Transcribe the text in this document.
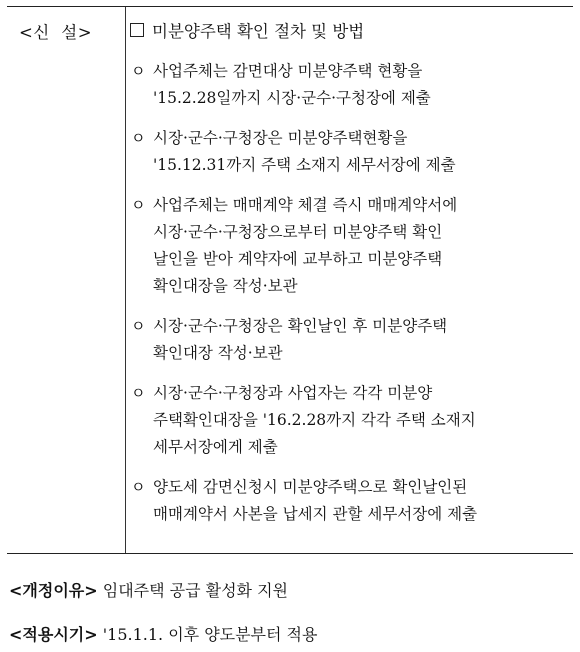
<신  설>	미분양주택 확인 절차 및 방법
ㅇ 사업주체는 감면대상 미분양주택 현황을
'15.2.28일까지 시장·군수·구청장에 제출
ㅇ 시장·군수·구청장은 미분양주택현황을
'15.12.31까지 주택 소재지 세무서장에 제출
ㅇ 사업주체는 매매계약 체결 즉시 매매계약서에
시장·군수·구청장으로부터 미분양주택 확인
날인을 받아 계약자에 교부하고 미분양주택
확인대장을 작성·보관
ㅇ 시장·군수·구청장은 확인날인 후 미분양주택
확인대장 작성·보관
ㅇ 시장·군수·구청장과 사업자는 각각 미분양
주택확인대장을 '16.2.28까지 각각 주택 소재지
세무서장에게 제출
ㅇ 양도세 감면신청시 미분양주택으로 확인날인된
매매계약서 사본을 납세지 관할 세무서장에 제출
<개정이유> 임대주택 공급 활성화 지원
<적용시기> '15.1.1. 이후 양도분부터 적용
